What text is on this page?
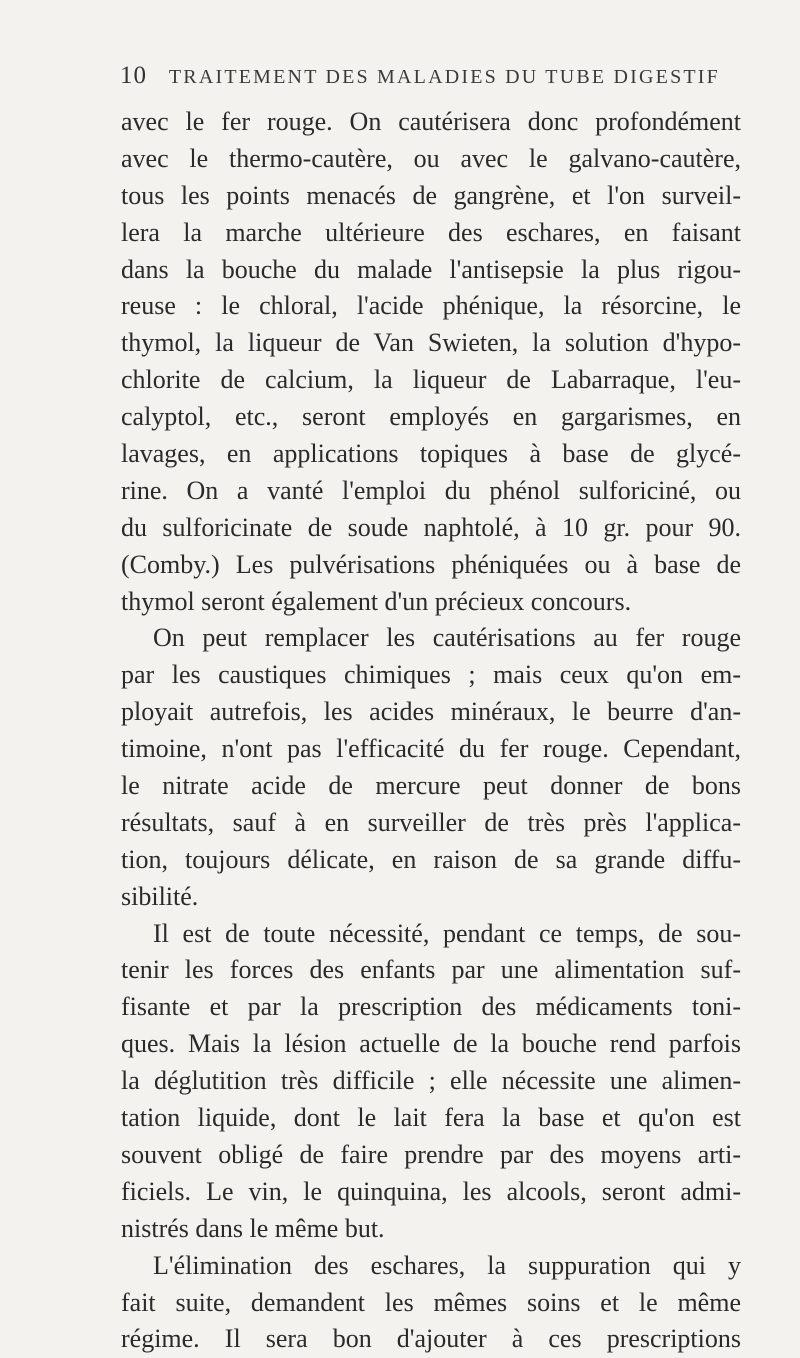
10 TRAITEMENT DES MALADIES DU TUBE DIGESTIF
avec le fer rouge. On cautérisera donc profondément
avec le thermo-cautère, ou avec le galvano-cautère,
tous les points menacés de gangrène, et l'on surveil-
lera la marche ultérieure des eschares, en faisant
dans la bouche du malade l'antisepsie la plus rigou-
reuse : le chloral, l'acide phénique, la résorcine, le
thymol, la liqueur de Van Swieten, la solution d'hypo-
chlorite de calcium, la liqueur de Labarraque, l'eu-
calyptol, etc., seront employés en gargarismes, en
lavages, en applications topiques à base de glycé-
rine. On a vanté l'emploi du phénol sulforiciné, ou
du sulforicinate de soude naphtolé, à 10 gr. pour 90.
(Comby.) Les pulvérisations phéniquées ou à base de
thymol seront également d'un précieux concours.
On peut remplacer les cautérisations au fer rouge
par les caustiques chimiques ; mais ceux qu'on em-
ployait autrefois, les acides minéraux, le beurre d'an-
timoine, n'ont pas l'efficacité du fer rouge. Cependant,
le nitrate acide de mercure peut donner de bons
résultats, sauf à en surveiller de très près l'applica-
tion, toujours délicate, en raison de sa grande diffu-
sibilité.
Il est de toute nécessité, pendant ce temps, de sou-
tenir les forces des enfants par une alimentation suf-
fisante et par la prescription des médicaments toni-
ques. Mais la lésion actuelle de la bouche rend parfois
la déglutition très difficile ; elle nécessite une alimen-
tation liquide, dont le lait fera la base et qu'on est
souvent obligé de faire prendre par des moyens arti-
ficiels. Le vin, le quinquina, les alcools, seront admi-
nistrés dans le même but.
L'élimination des eschares, la suppuration qui y
fait suite, demandent les mêmes soins et le même
régime. Il sera bon d'ajouter à ces prescriptions
